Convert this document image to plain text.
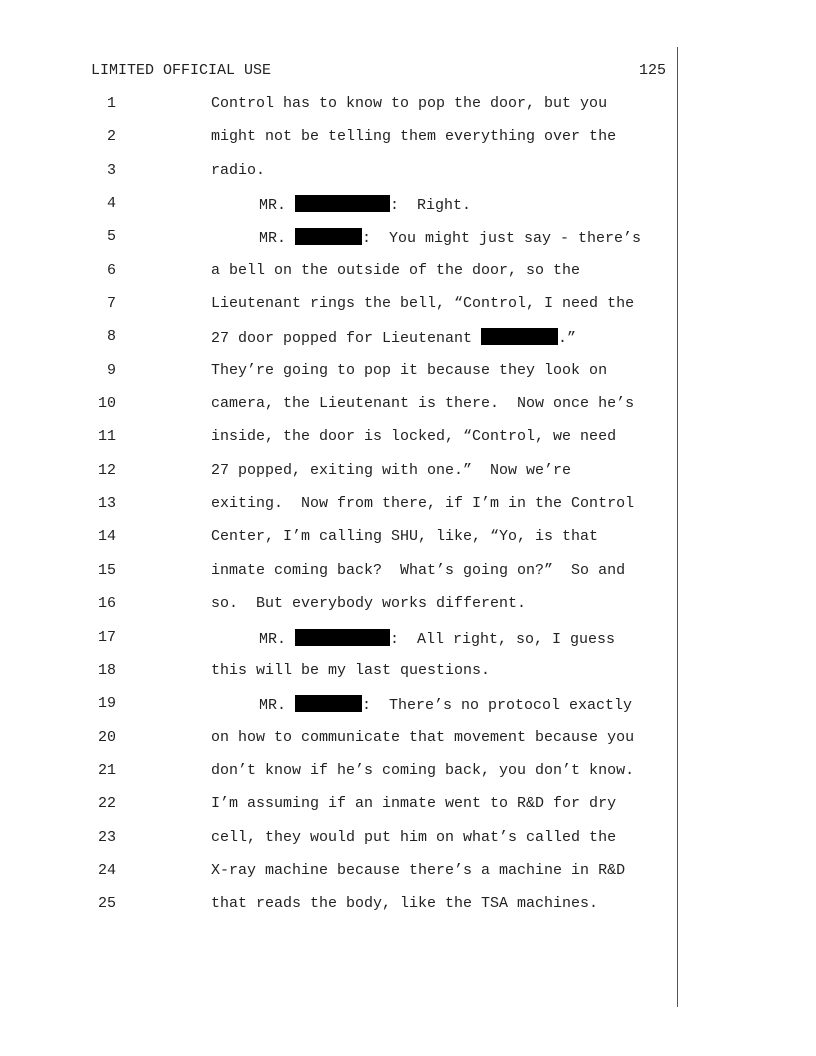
LIMITED OFFICIAL USE	125

1

	Control has to know to pop the door, but you

2

	might not be telling them everything over the

3

	radio.

4

	MR.	:  Right.

5

	MR.	:  You might just say - there’s

6

	a bell on the outside of the door, so the

7

	Lieutenant rings the bell, “Control, I need the

8

	27 door popped for Lieutenant	.”

9

	They’re going to pop it because they look on

10

	camera, the Lieutenant is there.  Now once he’s

11

	inside, the door is locked, “Control, we need

12

	27 popped, exiting with one.”  Now we’re

13

	exiting.  Now from there, if I’m in the Control

14

	Center, I’m calling SHU, like, “Yo, is that

15

	inmate coming back?  What’s going on?”  So and

16

	so.  But everybody works different.

17

	MR.	:  All right, so, I guess

18

	this will be my last questions.

19

	MR.	:  There’s no protocol exactly

20

	on how to communicate that movement because you

21

	don’t know if he’s coming back, you don’t know.

22

	I’m assuming if an inmate went to R&D for dry

23

	cell, they would put him on what’s called the

24

	X-ray machine because there’s a machine in R&D

25

	that reads the body, like the TSA machines.
